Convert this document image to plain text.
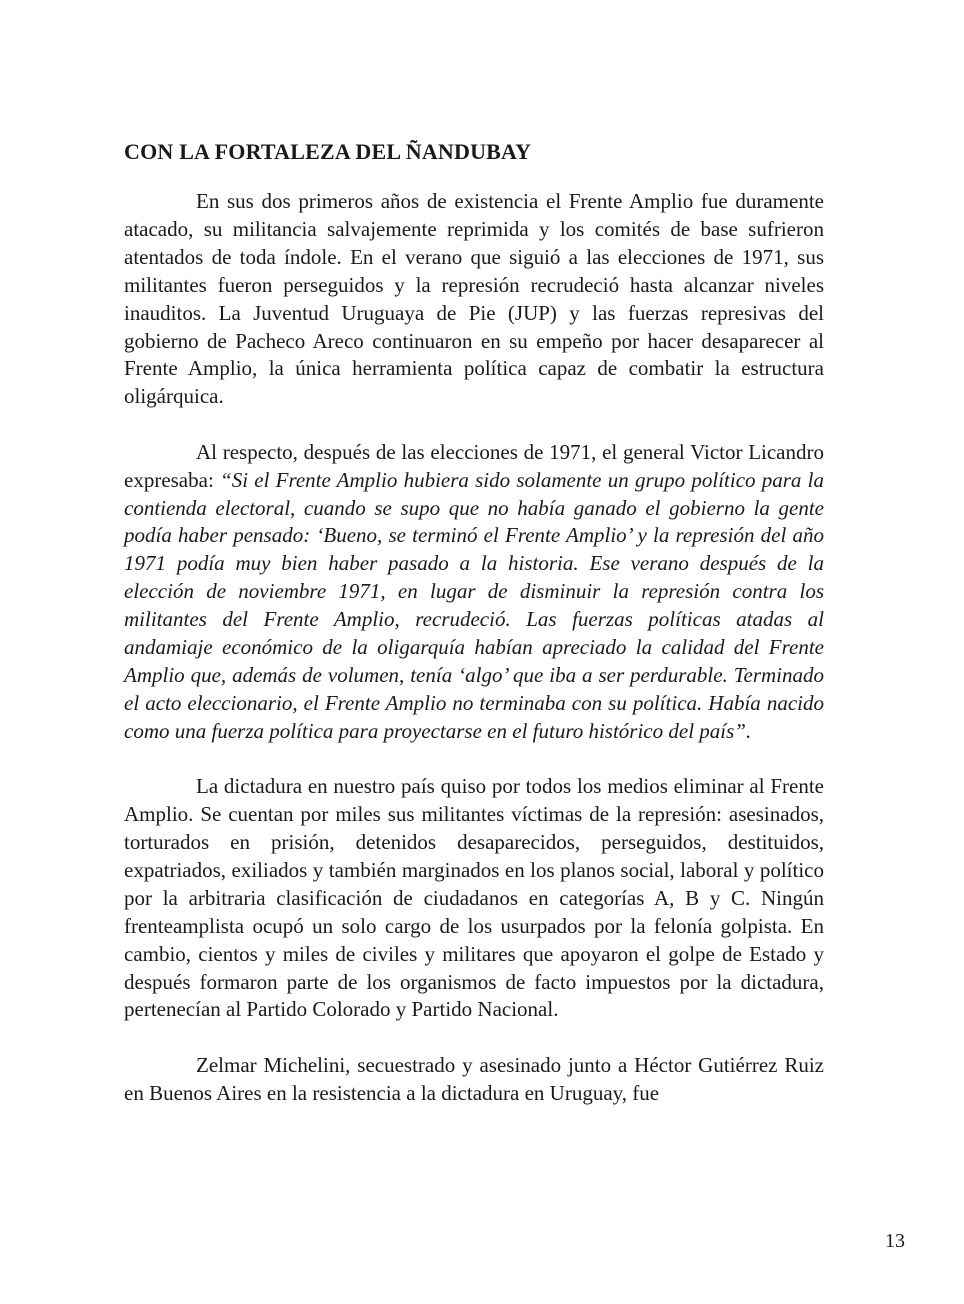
CON LA FORTALEZA DEL ÑANDUBAY

En sus dos primeros años de existencia el Frente Amplio fue duramente atacado, su militancia salvajemente reprimida y los comités de base sufrieron atentados de toda índole. En el verano que siguió a las elecciones de 1971, sus militantes fueron perseguidos y la represión recrudeció hasta alcanzar niveles inauditos. La Juventud Uruguaya de Pie (JUP) y las fuerzas represivas del gobierno de Pacheco Areco continuaron en su empeño por hacer desaparecer al Frente Amplio, la única herramienta política capaz de combatir la estructura oligárquica.

Al respecto, después de las elecciones de 1971, el general Victor Licandro expresaba: “Si el Frente Amplio hubiera sido solamente un grupo político para la contienda electoral, cuando se supo que no había ganado el gobierno la gente podía haber pensado: ‘Bueno, se terminó el Frente Amplio’ y la represión del año 1971 podía muy bien haber pasado a la historia. Ese verano después de la elección de noviembre 1971, en lugar de disminuir la represión contra los militantes del Frente Amplio, recrudeció. Las fuerzas políticas atadas al andamiaje económico de la oligarquía habían apreciado la calidad del Frente Amplio que, además de volumen, tenía ‘algo’ que iba a ser perdurable. Terminado el acto eleccionario, el Frente Amplio no terminaba con su política. Había nacido como una fuerza política para proyectarse en el futuro histórico del país”.

La dictadura en nuestro país quiso por todos los medios eliminar al Frente Amplio. Se cuentan por miles sus militantes víctimas de la represión: asesinados, torturados en prisión, detenidos desaparecidos, perseguidos, destituidos, expatriados, exiliados y también marginados en los planos social, laboral y político por la arbitraria clasificación de ciudadanos en categorías A, B y C. Ningún frenteamplista ocupó un solo cargo de los usurpados por la felonía golpista. En cambio, cientos y miles de civiles y militares que apoyaron el golpe de Estado y después formaron parte de los organismos de facto impuestos por la dictadura, pertenecían al Partido Colorado y Partido Nacional.

Zelmar Michelini, secuestrado y asesinado junto a Héctor Gutiérrez Ruiz en Buenos Aires en la resistencia a la dictadura en Uruguay, fue

13
